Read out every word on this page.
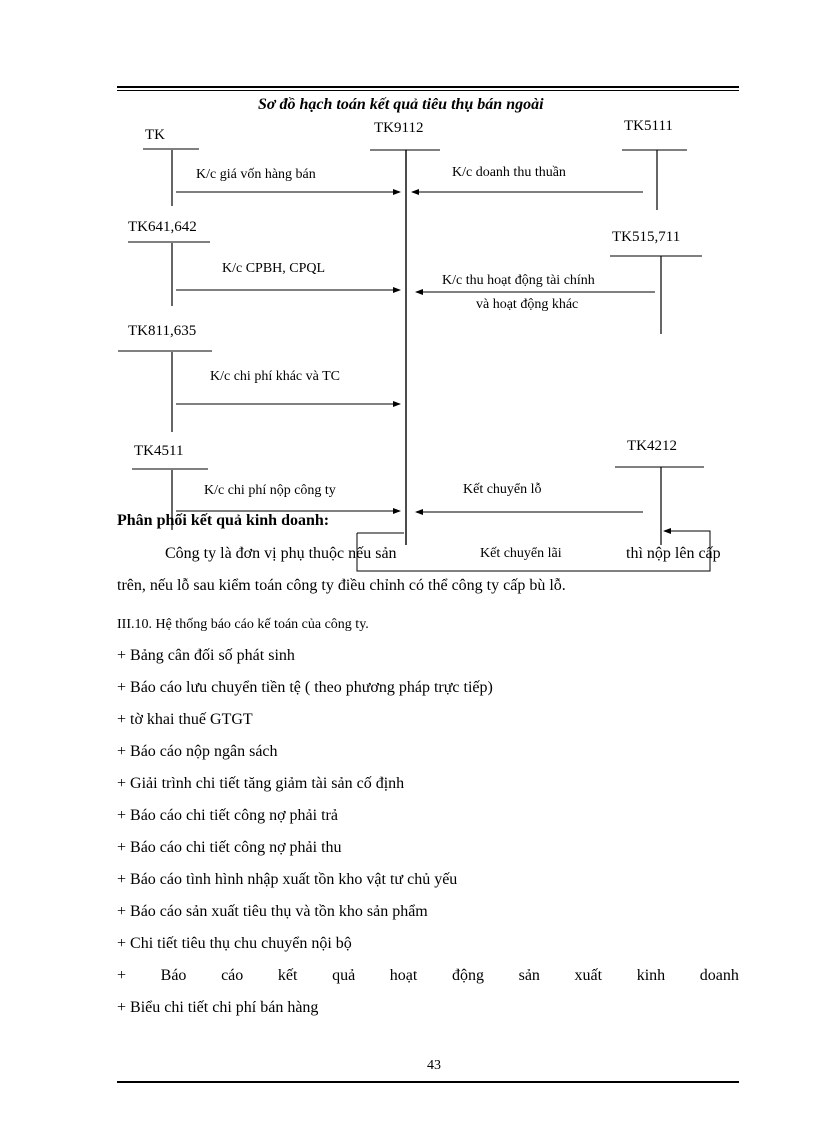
Sơ đồ hạch toán kết quả tiêu thụ bán ngoài
TK	TK9112	TK5111
TK641,642
TK515,711
TK811,635
TK4511	TK4212
K/c giá vốn hàng bán	K/c doanh thu thuần
K/c CPBH, CPQL
K/c thu hoạt động tài chính
và hoạt động khác
K/c chi phí khác và TC
K/c chi phí nộp công ty	Kết chuyển lỗ
Phân phối kết quả kinh doanh:
Công ty là đơn vị phụ thuộc nếu sản	Kết chuyển lãi	thì nộp lên cấp
trên, nếu lỗ sau kiểm toán công ty điều chỉnh có thể công ty cấp bù lỗ.
III.10. Hệ thống báo cáo kế toán của công ty.
+ Bảng cân đối số phát sinh
+ Báo cáo lưu chuyển tiền tệ ( theo phương pháp trực tiếp)
+ tờ khai thuế GTGT
+ Báo cáo nộp ngân sách
+ Giải trình chi tiết tăng giảm tài sản cố định
+ Báo cáo chi tiết công nợ phải trả
+ Báo cáo chi tiết công nợ phải thu
+ Báo cáo tình hình nhập xuất tồn kho vật tư chủ yếu
+ Báo cáo sản xuất tiêu thụ và tồn kho sản phẩm
+ Chi tiết tiêu thụ chu chuyển nội bộ
+ Báo cáo kết quả hoạt động sản xuất kinh doanh
+ Biểu chi tiết chi phí bán hàng
43
